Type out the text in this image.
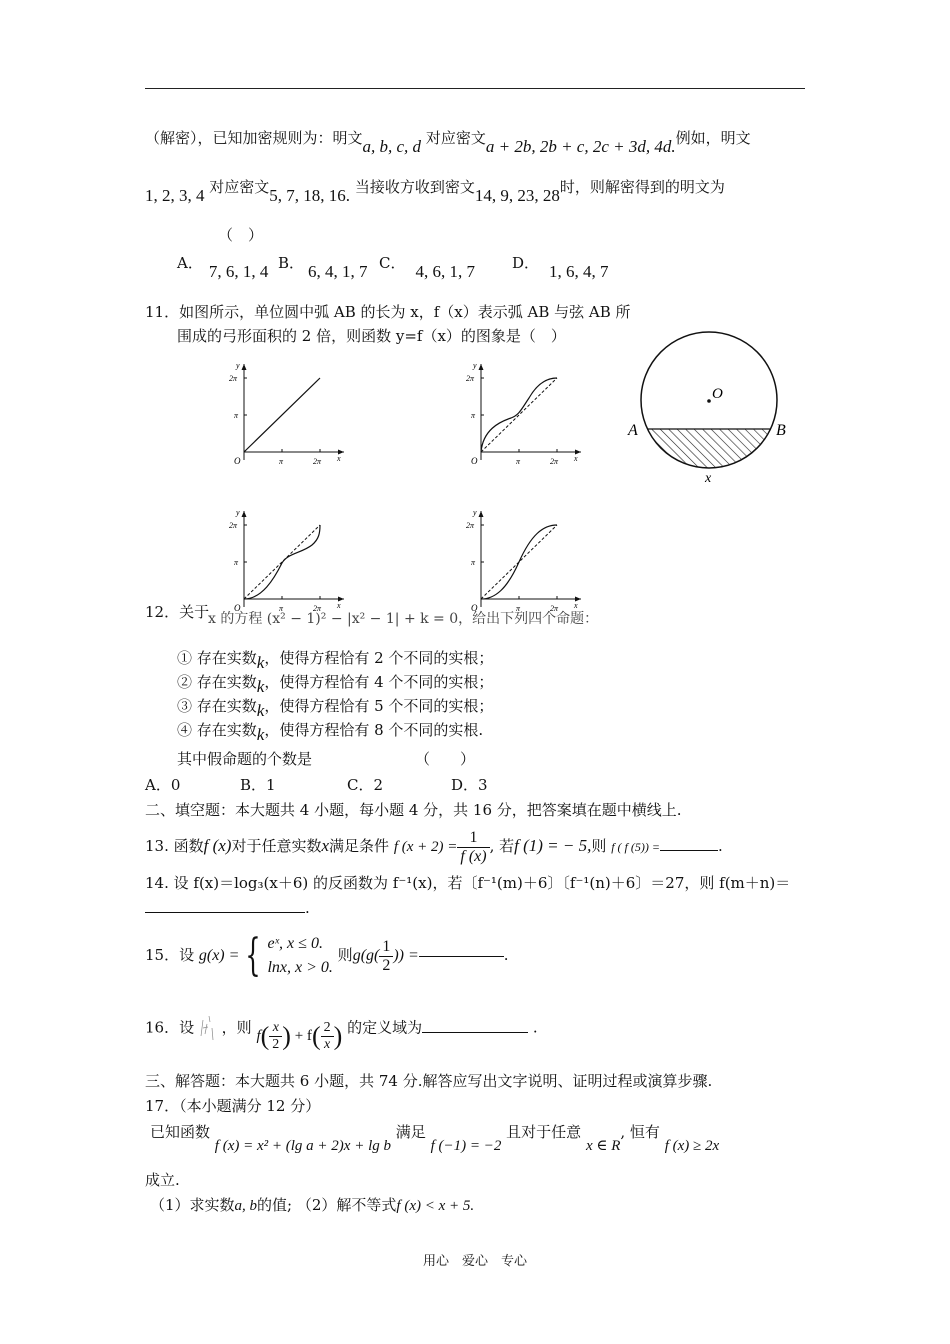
（解密），已知加密规则为：明文a, b, c, d 对应密文a + 2b, 2b + c, 2c + 3d, 4d.例如，明文
1, 2, 3, 4 对应密文5, 7, 18, 16. 当接收方收到密文14, 9, 23, 28时，则解密得到的明文为
（　）
A． 7, 6, 1, 4 B． 6, 4, 1, 7 C． 4, 6, 1, 7 D． 1, 6, 4, 7
11．如图所示，单位圆中弧 AB 的长为 x，f（x）表示弧 AB 与弦 AB 所
围成的弓形面积的 2 倍，则函数 y=f（x）的图象是（　）
y
x
O
2π
π
π	2π
y
x
O
2π
π
π	2π
O
A	B
x
y
x
O
2π
π
π	2π
y
x
O
2π
π
π	2π
12．关于
x 的方程 (x² − 1)² − |x² − 1| + k = 0，给出下列四个命题：
① 存在实数k，使得方程恰有 2 个不同的实根；
② 存在实数k，使得方程恰有 4 个不同的实根；
③ 存在实数k，使得方程恰有 5 个不同的实根；
④ 存在实数k，使得方程恰有 8 个不同的实根.
其中假命题的个数是	（　　）
A．0	B．1	C．2	D．3
二、填空题：本大题共 4 小题，每小题 4 分，共 16 分，把答案填在题中横线上.
13. 函数f (x)对于任意实数x满足条件 f $(x + 2) = \frac{1}{f (x)}$ , 若f (1) = − 5,则 f ( f (5)) =	.
14. 设 f(x)＝log₃(x＋6) 的反函数为 f⁻¹(x)，若〔f⁻¹(m)＋6〕〔f⁻¹(n)＋6〕＝27，则 f(m＋n)＝
.
15．设 g(x) = { eˣ, x ≤ 0.
lnx, x > 0.
则$g(g( \frac{1}{2}$ )) =	.
16．设 ，则 $f( \frac{x}{2}$ ) + $f( \frac{2}{x}$ ) 的定义域为	.
三、解答题：本大题共 6 小题，共 74 分.解答应写出文字说明、证明过程或演算步骤.
17．（本小题满分 12 分）
已知函数 f (x) = x² + (lg a + 2)x + lg b 满足 f (−1) = −2 且对于任意 x ∈ R, 恒有 f (x) ≥ 2x
成立.
（1）求实数a, b的值; （2）解不等式f (x) < x + 5.
用心　爱心　专心
